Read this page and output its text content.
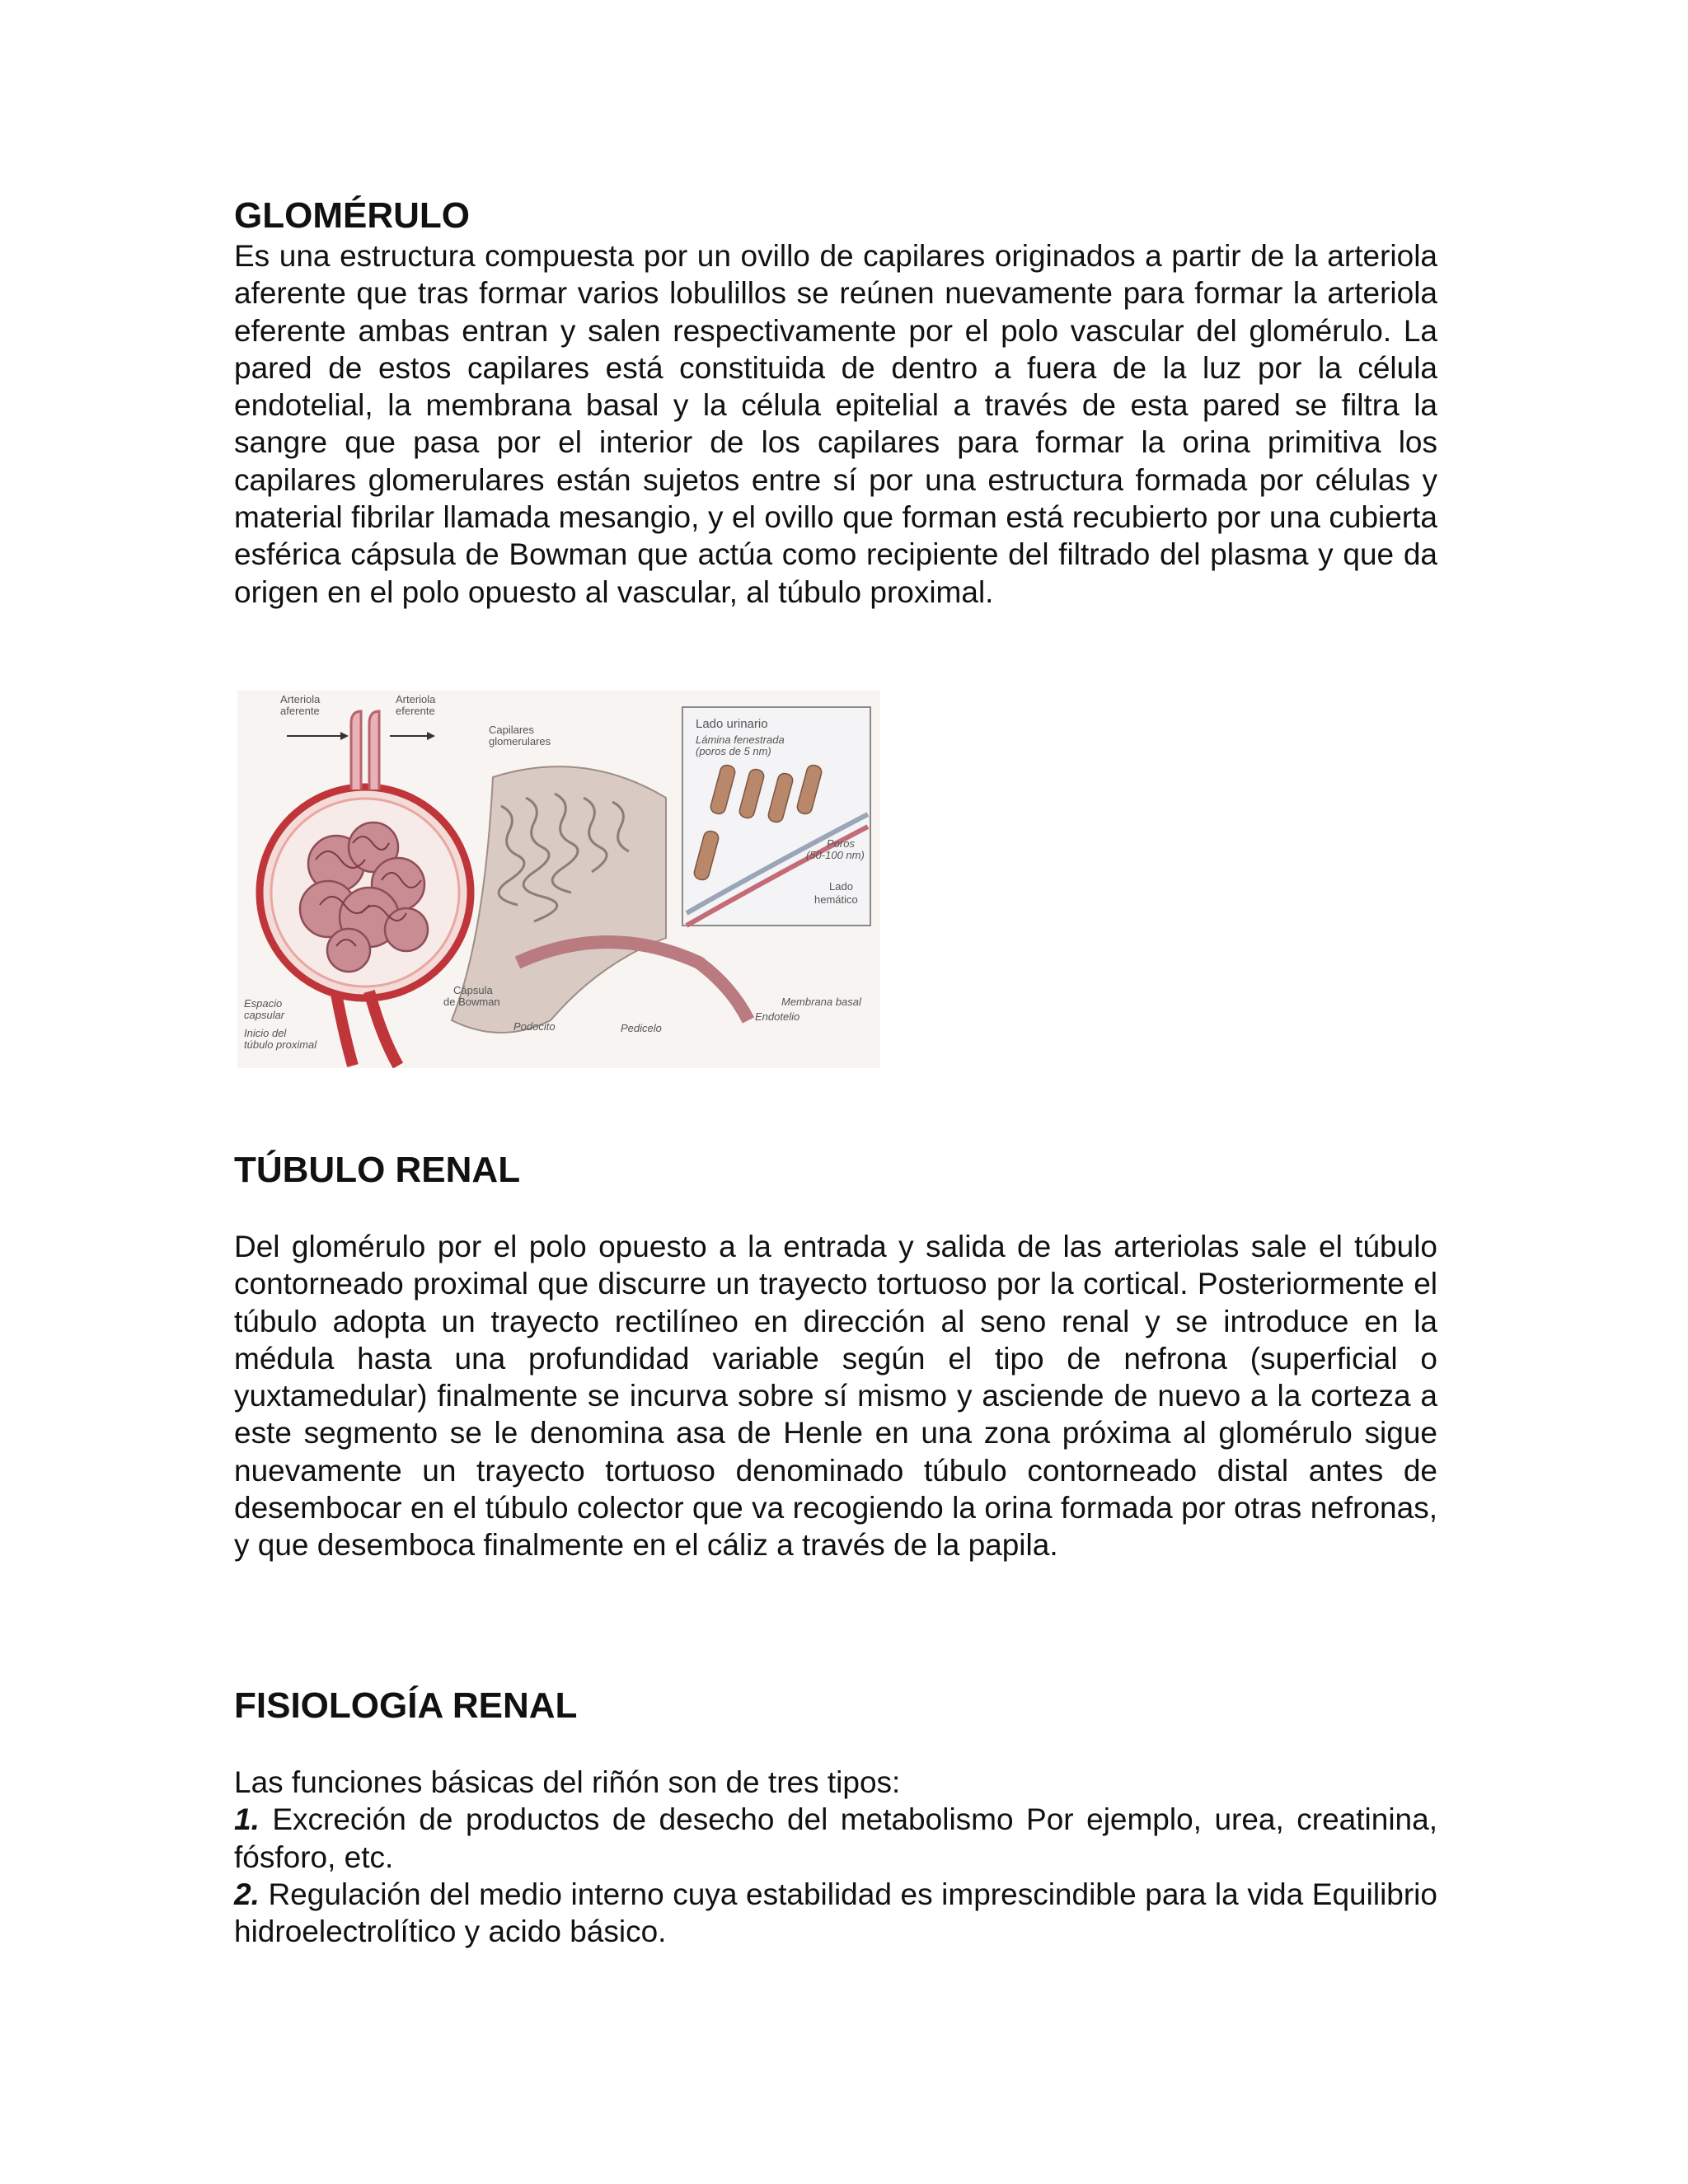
GLOMÉRULO

Es una estructura compuesta por un ovillo de capilares originados a partir de la arteriola aferente que tras formar varios lobulillos se reúnen nuevamente para formar la arteriola eferente ambas entran y salen respectivamente por el polo vascular del glomérulo. La pared de estos capilares está constituida de dentro a fuera de la luz por la célula endotelial, la membrana basal y la célula epitelial a través de esta pared se filtra la sangre que pasa por el interior de los capilares para formar la orina primitiva los capilares glomerulares están sujetos entre sí por una estructura formada por células y material fibrilar llamada mesangio, y el ovillo que forman está recubierto por una cubierta esférica cápsula de Bowman que actúa como recipiente del filtrado del plasma y que da origen en el polo opuesto al vascular, al túbulo proximal.

Arteriola
aferente
Arteriola
eferente
Capilares
glomerulares
Lado urinario
Lámina fenestrada
(poros de 5 nm)
Poros
(50-100 nm)
Lado
hemático
Espacio
capsular
Inicio del
túbulo proximal
Cápsula
de Bowman
Podocito	Pedicelo
Membrana basal
Endotelio
TÚBULO RENAL

Del glomérulo por el polo opuesto a la entrada y salida de las arteriolas sale el túbulo contorneado proximal que discurre un trayecto tortuoso por la cortical. Posteriormente el túbulo adopta un trayecto rectilíneo en dirección al seno renal y se introduce en la médula hasta una profundidad variable según el tipo de nefrona (superficial o yuxtamedular) finalmente se incurva sobre sí mismo y asciende de nuevo a la corteza a este segmento se le denomina asa de Henle en una zona próxima al glomérulo sigue nuevamente un trayecto tortuoso denominado túbulo contorneado distal antes de desembocar en el túbulo colector que va recogiendo la orina formada por otras nefronas, y que desemboca finalmente en el cáliz a través de la papila.

FISIOLOGÍA RENAL

Las funciones básicas del riñón son de tres tipos:

1. Excreción de productos de desecho del metabolismo Por ejemplo, urea, creatinina, fósforo, etc.

2. Regulación del medio interno cuya estabilidad es imprescindible para la vida Equilibrio hidroelectrolítico y acido básico.
